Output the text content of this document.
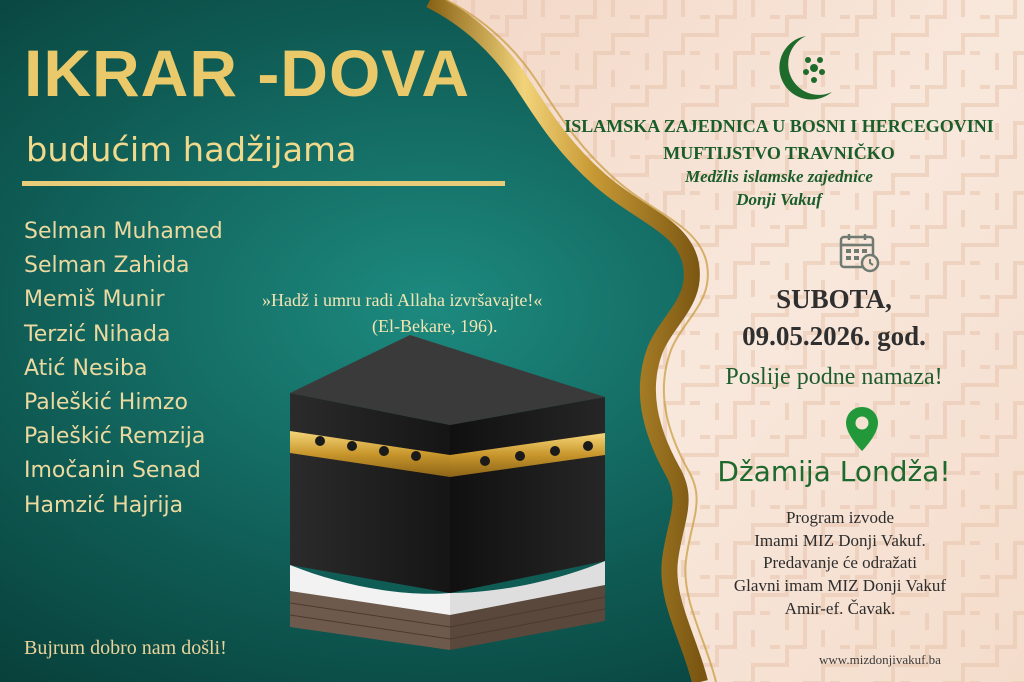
IKRAR -DOVA
budućim hadžijama
Selman Muhamed
Selman Zahida
Memiš Munir
Terzić Nihada
Atić Nesiba
Paleškić Himzo
Paleškić Remzija
Imočanin Senad
Hamzić Hajrija
»Hadž i umru radi Allaha izvršavajte!«
(El-Bekare, 196).
Bujrum dobro nam došli!
ISLAMSKA ZAJEDNICA U BOSNI I HERCEGOVINI
MUFTIJSTVO TRAVNIČKO
Medžlis islamske zajednice
Donji Vakuf
SUBOTA,
09.05.2026. god.
Poslije podne namaza!
Džamija Londža!
Program izvode
Imami MIZ Donji Vakuf.
Predavanje će odražati
Glavni imam MIZ Donji Vakuf
Amir-ef. Čavak.
www.mizdonjivakuf.ba
